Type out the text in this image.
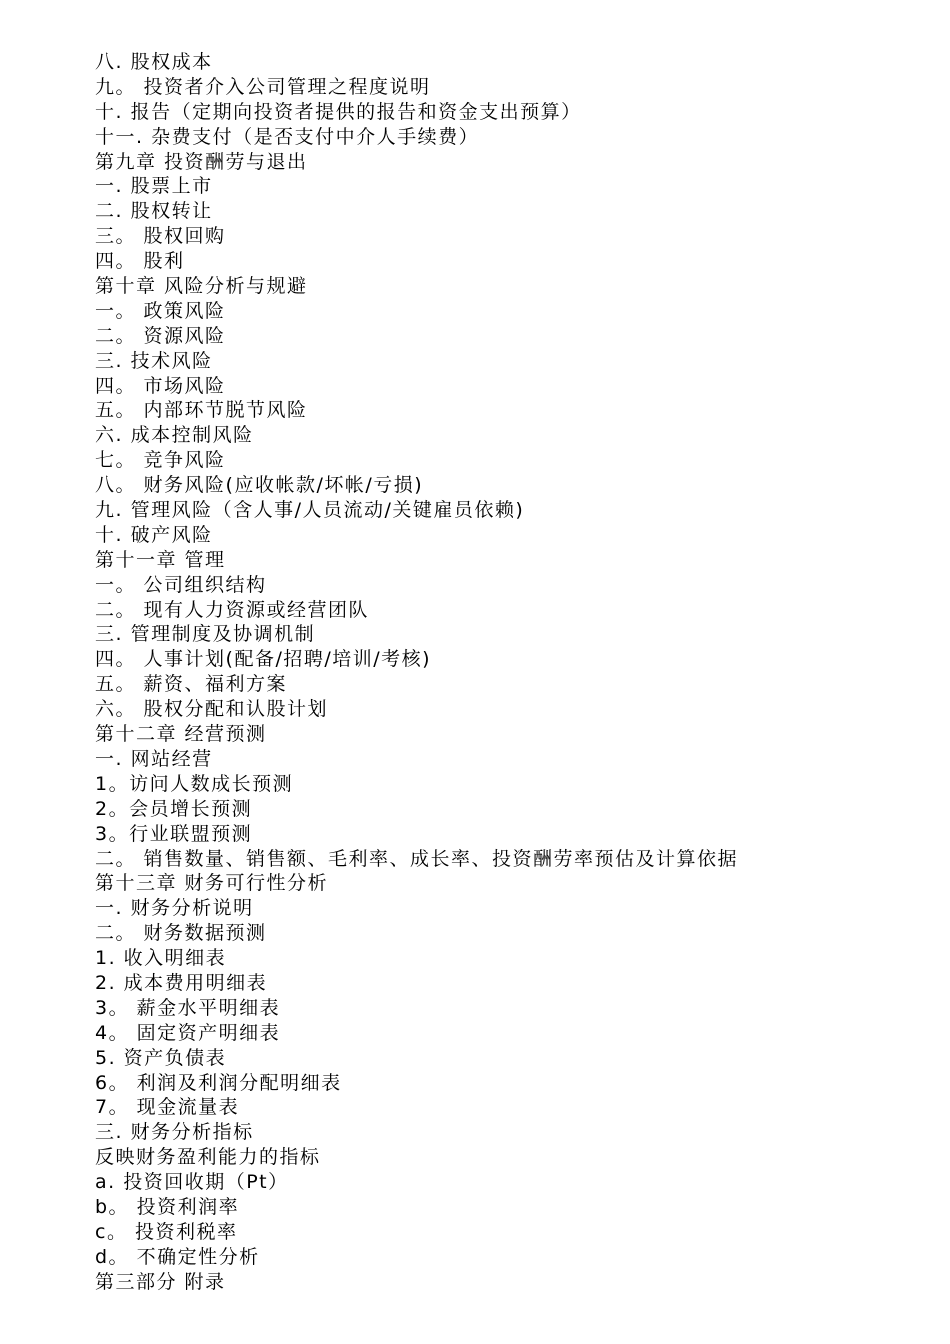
八. 股权成本
九。 投资者介入公司管理之程度说明
十. 报告（定期向投资者提供的报告和资金支出预算）
十一. 杂费支付（是否支付中介人手续费）
第九章 投资酬劳与退出
一. 股票上市
二. 股权转让
三。 股权回购
四。 股利
第十章 风险分析与规避
一。 政策风险
二。 资源风险
三. 技术风险
四。 市场风险
五。 内部环节脱节风险
六. 成本控制风险
七。 竞争风险
八。 财务风险(应收帐款/坏帐/亏损)
九. 管理风险（含人事/人员流动/关键雇员依赖)
十. 破产风险
第十一章 管理
一。 公司组织结构
二。 现有人力资源或经营团队
三. 管理制度及协调机制
四。 人事计划(配备/招聘/培训/考核)
五。 薪资、福利方案
六。 股权分配和认股计划
第十二章 经营预测
一. 网站经营
1。访问人数成长预测
2。会员增长预测
3。行业联盟预测
二。 销售数量、销售额、毛利率、成长率、投资酬劳率预估及计算依据
第十三章 财务可行性分析
一. 财务分析说明
二。 财务数据预测
1. 收入明细表
2. 成本费用明细表
3。 薪金水平明细表
4。 固定资产明细表
5. 资产负债表
6。 利润及利润分配明细表
7。 现金流量表
三. 财务分析指标
反映财务盈利能力的指标
a. 投资回收期（Pt）
b。 投资利润率
c。 投资利税率
d。 不确定性分析
第三部分 附录
